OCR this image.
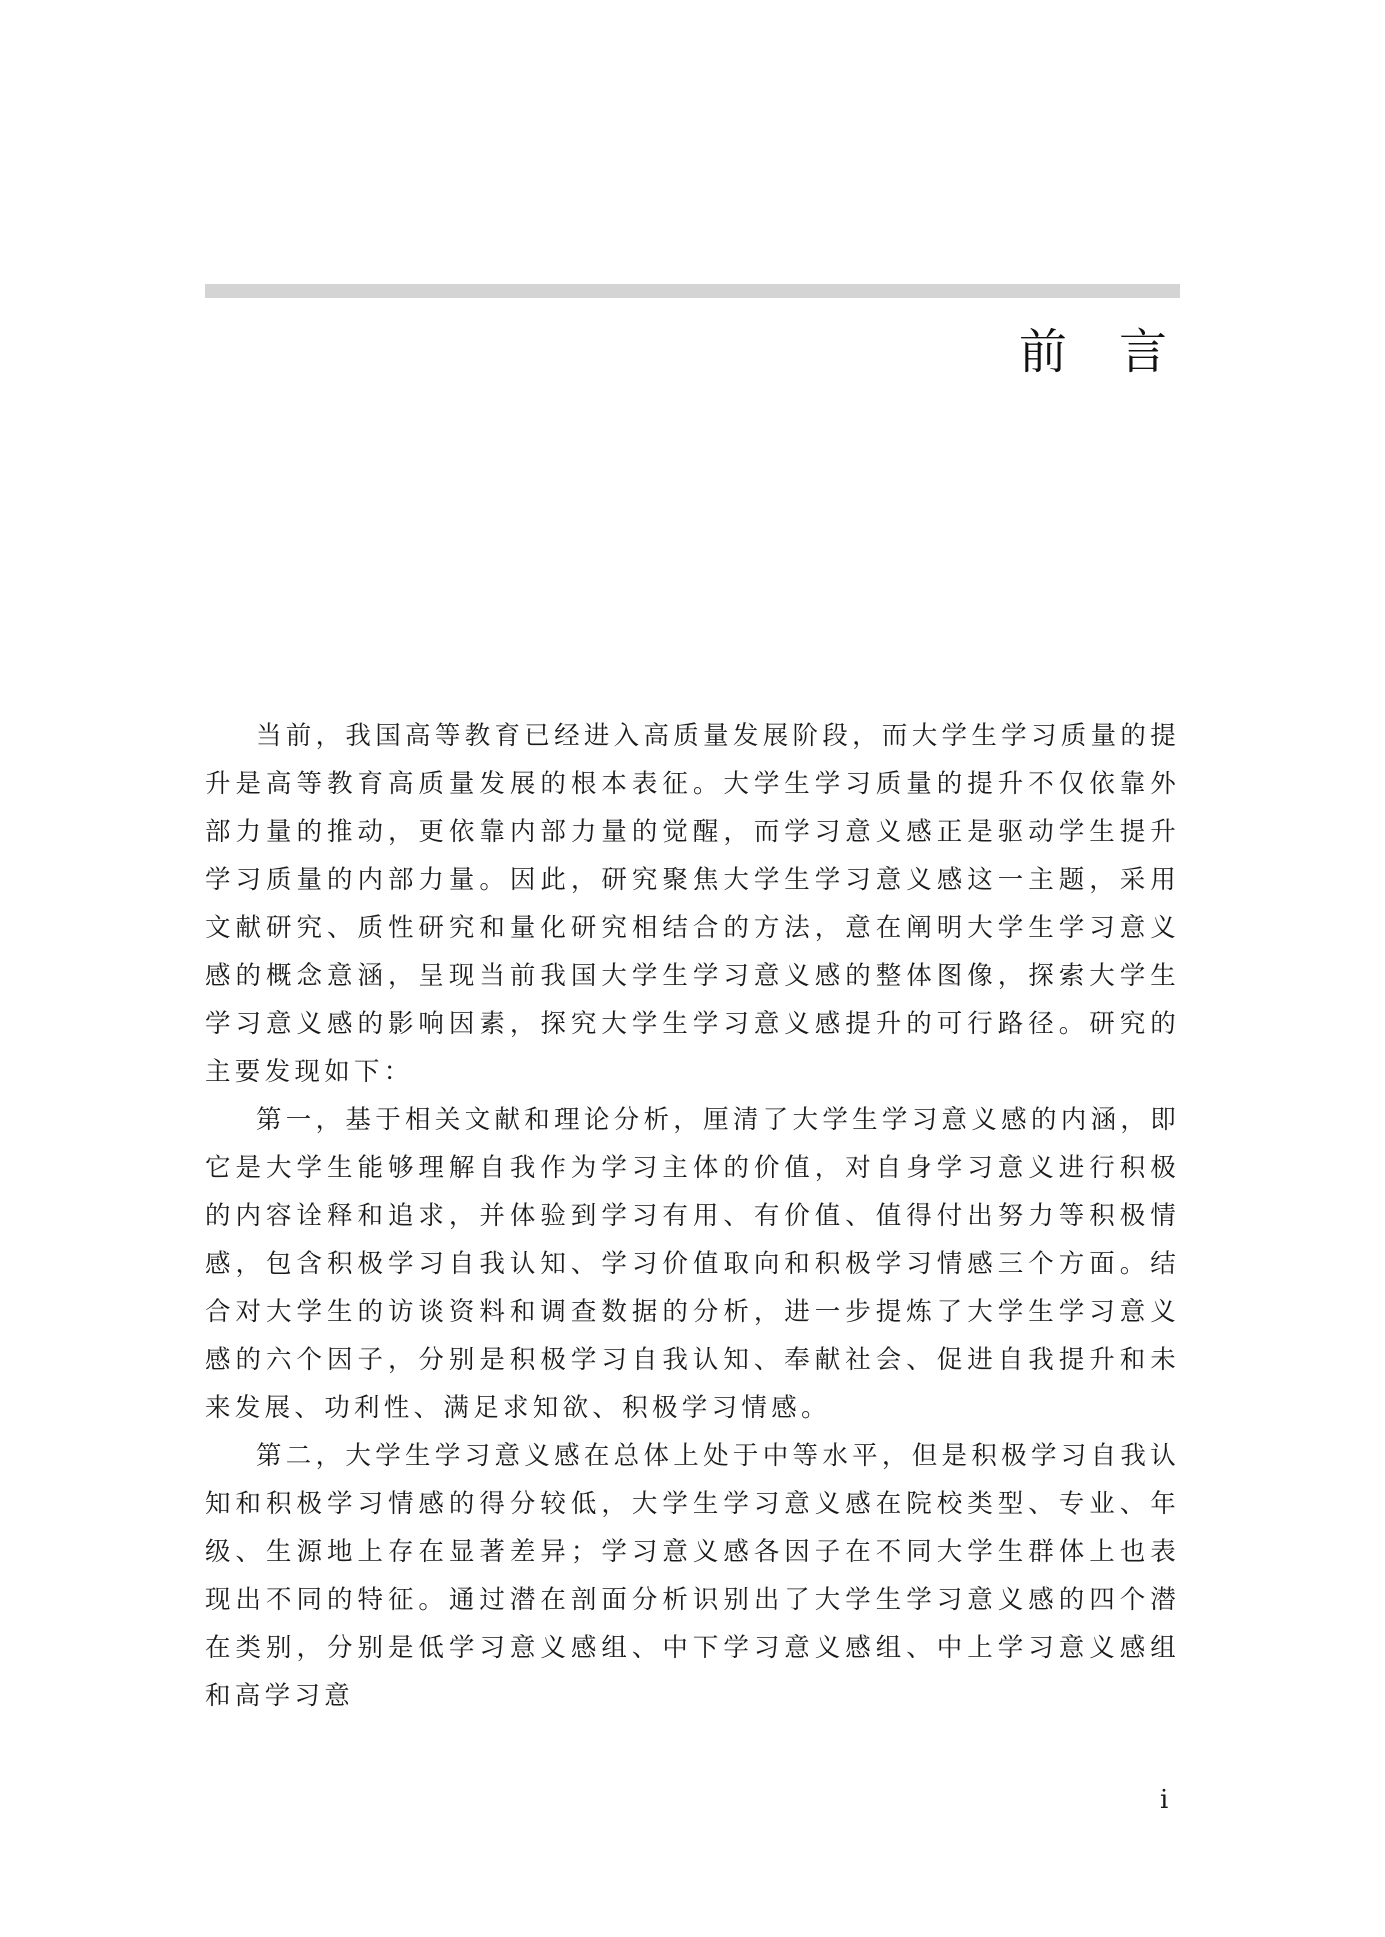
前言

当前，我国高等教育已经进入高质量发展阶段，而大学生学习质量的提升是高等教育高质量发展的根本表征。大学生学习质量的提升不仅依靠外部力量的推动，更依靠内部力量的觉醒，而学习意义感正是驱动学生提升学习质量的内部力量。因此，研究聚焦大学生学习意义感这一主题，采用文献研究、质性研究和量化研究相结合的方法，意在阐明大学生学习意义感的概念意涵，呈现当前我国大学生学习意义感的整体图像，探索大学生学习意义感的影响因素，探究大学生学习意义感提升的可行路径。研究的主要发现如下：

第一，基于相关文献和理论分析，厘清了大学生学习意义感的内涵，即它是大学生能够理解自我作为学习主体的价值，对自身学习意义进行积极的内容诠释和追求，并体验到学习有用、有价值、值得付出努力等积极情感，包含积极学习自我认知、学习价值取向和积极学习情感三个方面。结合对大学生的访谈资料和调查数据的分析，进一步提炼了大学生学习意义感的六个因子，分别是积极学习自我认知、奉献社会、促进自我提升和未来发展、功利性、满足求知欲、积极学习情感。

第二，大学生学习意义感在总体上处于中等水平，但是积极学习自我认知和积极学习情感的得分较低，大学生学习意义感在院校类型、专业、年级、生源地上存在显著差异；学习意义感各因子在不同大学生群体上也表现出不同的特征。通过潜在剖面分析识别出了大学生学习意义感的四个潜在类别，分别是低学习意义感组、中下学习意义感组、中上学习意义感组和高学习意

i
